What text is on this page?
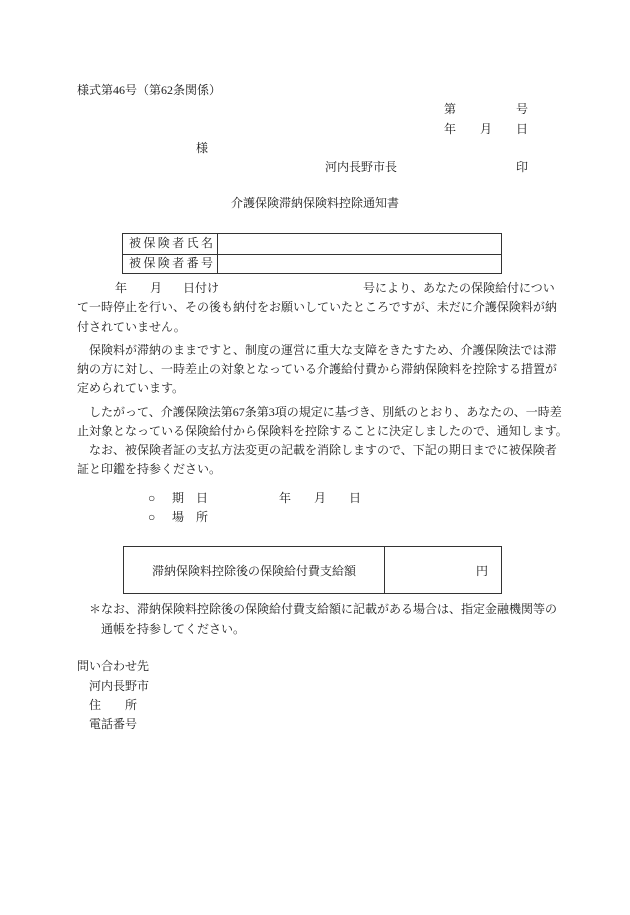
様式第46号（第62条関係）
第	号
年 月 日
様
河内長野市長	印
介護保険滞納保険料控除通知書
被保険者氏名
被保険者番号
年 月 日付け	号により、あなたの保険給付につい
て一時停止を行い、その後も納付をお願いしていたところですが、未だに介護保険料が納
付されていません。
保険料が滞納のままですと、制度の運営に重大な支障をきたすため、介護保険法では滞
納の方に対し、一時差止の対象となっている介護給付費から滞納保険料を控除する措置が
定められています。
したがって、介護保険法第67条第3項の規定に基づき、別紙のとおり、あなたの、一時差
止対象となっている保険給付から保険料を控除することに決定しましたので、通知します。
なお、被保険者証の支払方法変更の記載を消除しますので、下記の期日までに被保険者
証と印鑑を持参ください。
○ 期　日	年 月 日
○ 場　所
滞納保険料控除後の保険給付費支給額	円
＊なお、滞納保険料控除後の保険給付費支給額に記載がある場合は、指定金融機関等の
通帳を持参してください。
問い合わせ先
河内長野市
住　　所
電話番号
